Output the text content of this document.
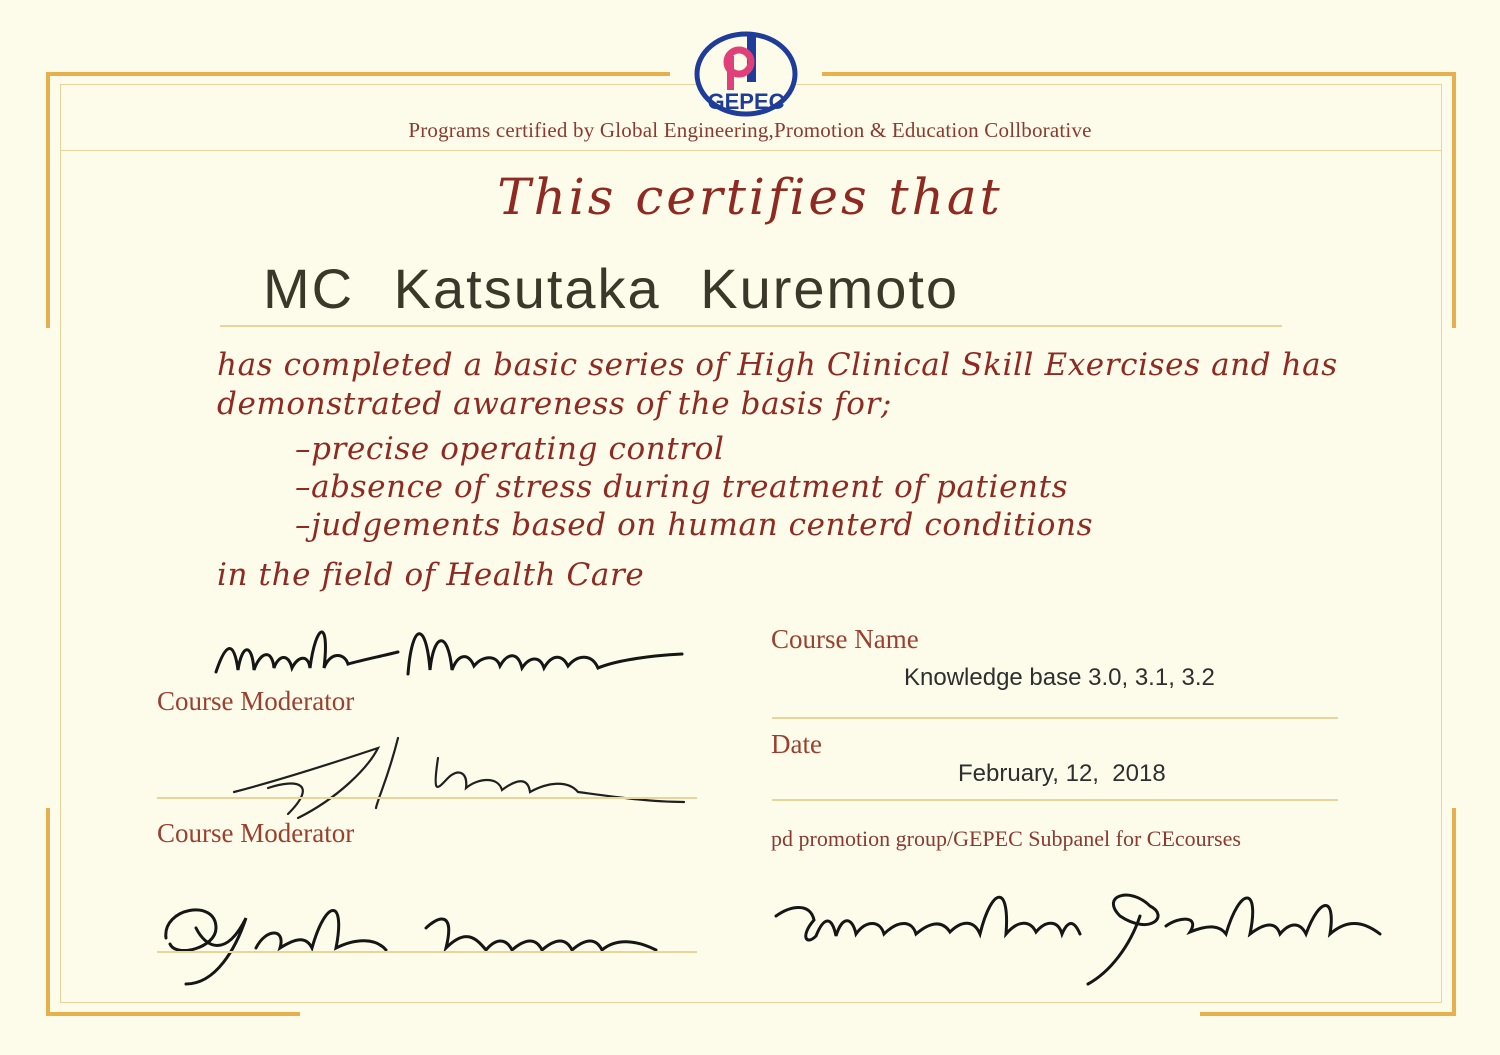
GEPEC
Programs certified by Global Engineering,Promotion & Education Collborative
This certifies that
MC Katsutaka Kuremoto
has completed a basic series of High Clinical Skill Exercises and has
demonstrated awareness of the basis for;
–precise operating control
–absence of stress during treatment of patients
–judgements based on human centerd conditions
in the field of Health Care
Course Moderator
Course Moderator
Course Name
Knowledge base 3.0, 3.1, 3.2
Date
February, 12,  2018
pd promotion group/GEPEC Subpanel for CEcourses
